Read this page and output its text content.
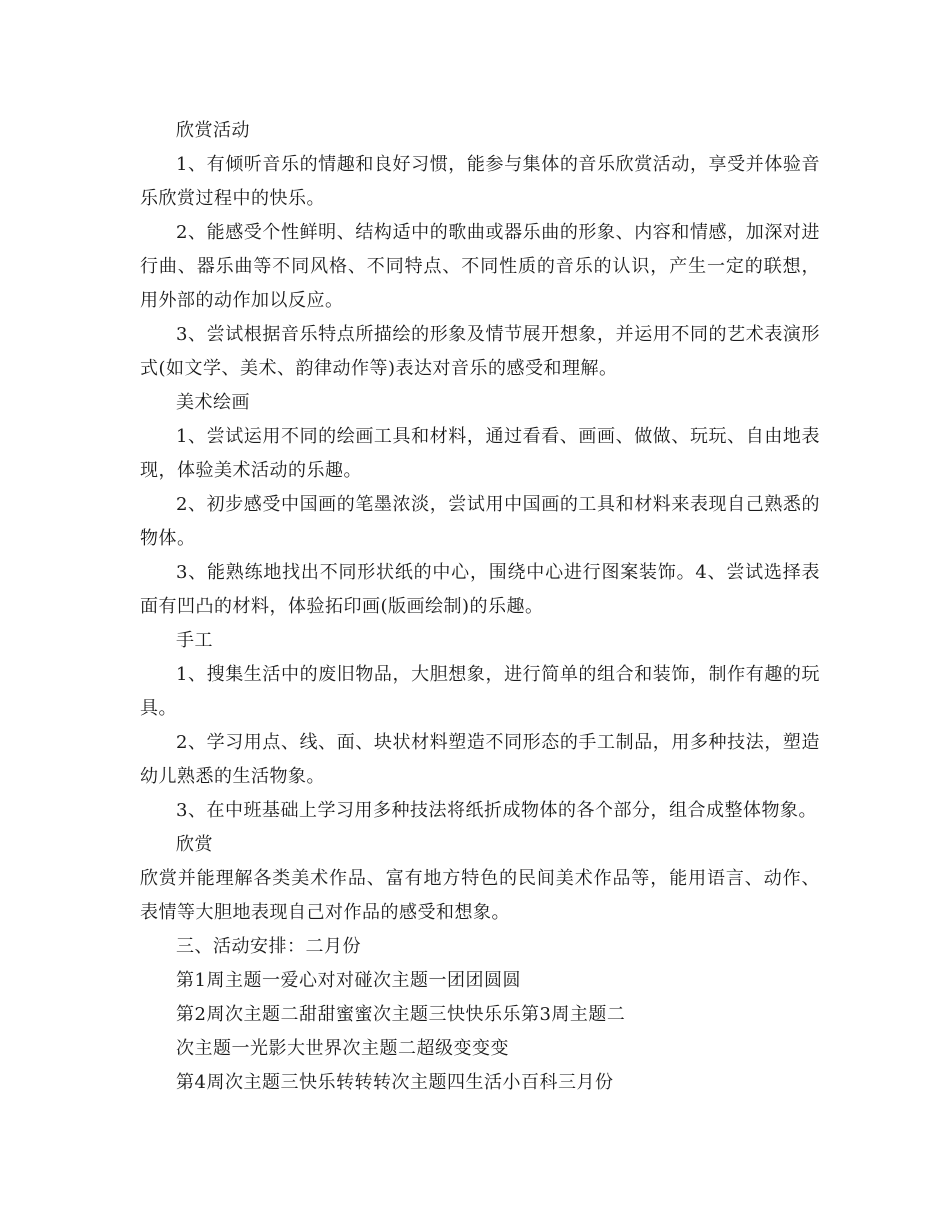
欣赏活动

1、有倾听音乐的情趣和良好习惯，能参与集体的音乐欣赏活动，享受并体验音乐欣赏过程中的快乐。

2、能感受个性鲜明、结构适中的歌曲或器乐曲的形象、内容和情感，加深对进行曲、器乐曲等不同风格、不同特点、不同性质的音乐的认识，产生一定的联想，用外部的动作加以反应。

3、尝试根据音乐特点所描绘的形象及情节展开想象，并运用不同的艺术表演形式(如文学、美术、韵律动作等)表达对音乐的感受和理解。

美术绘画

1、尝试运用不同的绘画工具和材料，通过看看、画画、做做、玩玩、自由地表现，体验美术活动的乐趣。

2、初步感受中国画的笔墨浓淡，尝试用中国画的工具和材料来表现自己熟悉的物体。

3、能熟练地找出不同形状纸的中心，围绕中心进行图案装饰。4、尝试选择表面有凹凸的材料，体验拓印画(版画绘制)的乐趣。

手工

1、搜集生活中的废旧物品，大胆想象，进行简单的组合和装饰，制作有趣的玩具。

2、学习用点、线、面、块状材料塑造不同形态的手工制品，用多种技法，塑造幼儿熟悉的生活物象。

3、在中班基础上学习用多种技法将纸折成物体的各个部分，组合成整体物象。

欣赏

欣赏并能理解各类美术作品、富有地方特色的民间美术作品等，能用语言、动作、表情等大胆地表现自己对作品的感受和想象。

三、活动安排：二月份

第1周主题一爱心对对碰次主题一团团圆圆

第2周次主题二甜甜蜜蜜次主题三快快乐乐第3周主题二

次主题一光影大世界次主题二超级变变变

第4周次主题三快乐转转转次主题四生活小百科三月份
